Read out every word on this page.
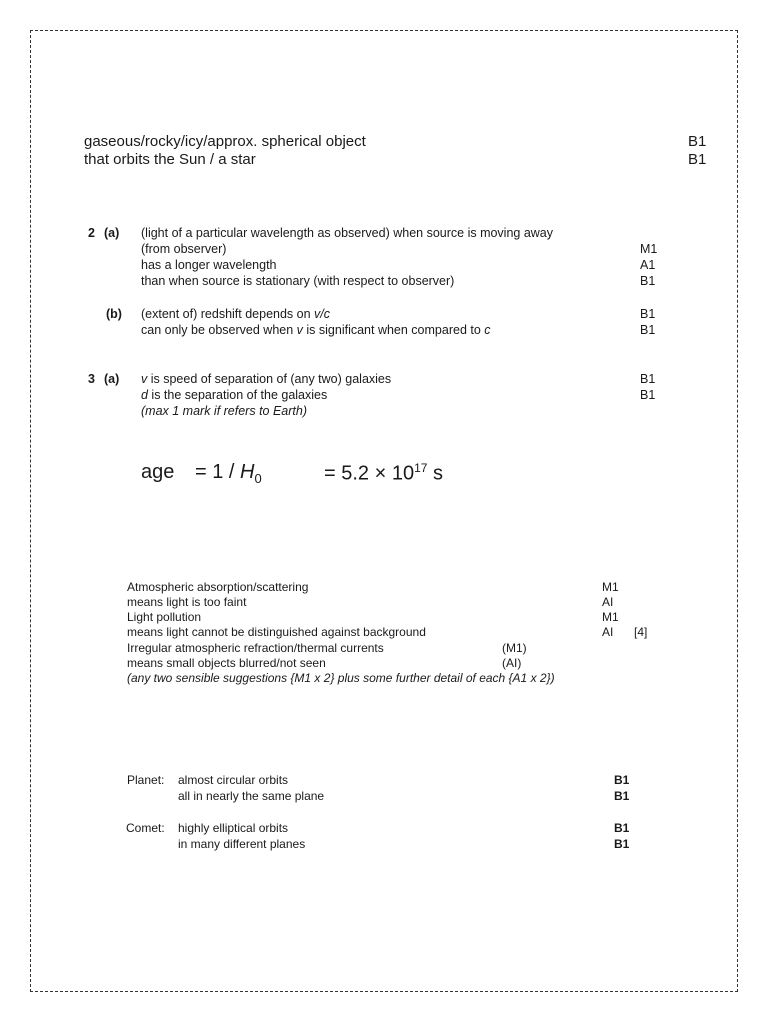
gaseous/rocky/icy/approx. spherical object
that orbits the Sun / a star
B1
B1
2 (a) (light of a particular wavelength as observed) when source is moving away
(from observer)
has a longer wavelength
than when source is stationary (with respect to observer)
M1
A1
B1
(b) (extent of) redshift depends on v/c
can only be observed when v is significant when compared to c
B1
B1
3 (a) v is speed of separation of (any two) galaxies
d is the separation of the galaxies
(max 1 mark if refers to Earth)
B1
B1
age = $1 / H_0$	= $5.2 \times 10^{17}$ s
Atmospheric absorption/scattering
means light is too faint
Light pollution
means light cannot be distinguished against background
Irregular atmospheric refraction/thermal currents
means small objects blurred/not seen
(any two sensible suggestions {M1 x 2} plus some further detail of each {A1 x 2})
M1
AI
M1
AI [4]
(M1)
(AI)
Planet: almost circular orbits
all in nearly the same plane
Comet: highly elliptical orbits
in many different planes
B1
B1
B1
B1
